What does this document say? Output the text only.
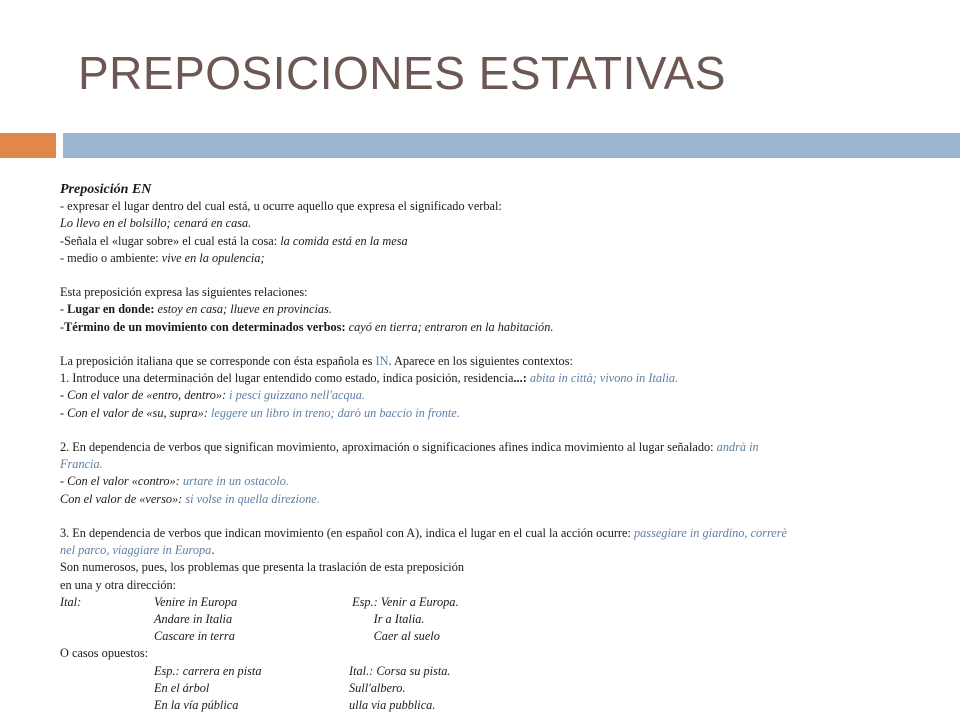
PREPOSICIONES ESTATIVAS
Preposición EN
- expresar el lugar dentro del cual está, u ocurre aquello que expresa el significado verbal:
Lo llevo en el bolsillo; cenará en casa.
-Señala el «lugar sobre» el cual está la cosa: la comida está en la mesa
- medio o ambiente: vive en la opulencia;
Esta preposición expresa las siguientes relaciones:
- Lugar en donde: estoy en casa; llueve en provincias.
-Término de un movimiento con determinados verbos: cayó en tierra; entraron en la habitación.
La preposición italiana que se corresponde con ésta española es IN. Aparece en los siguientes contextos:
1. Introduce una determinación del lugar entendido como estado, indica posición, residencia...: abita in città; vivono in Italia.
- Con el valor de «entro, dentro»: i pesci guizzano nell'acqua.
- Con el valor de «su, supra»: leggere un libro in treno; darò un baccio in fronte.
2. En dependencia de verbos que significan movimiento, aproximación o significaciones afines indica movimiento al lugar señalado: andrà in
Francia.
- Con el valor «contro»: urtare in un ostacolo.
Con el valor de «verso»: si volse in quella direzione.
3. En dependencia de verbos que indican movimiento (en español con A), indica el lugar en el cual la acción ocurre: passegiare in giardino, correrè
nel parco, viaggiare in Europa.
Son numerosos, pues, los problemas que presenta la traslación de esta preposición
en una y otra dirección:
Ital:	Venire in Europa	Esp.: Venir a Europa.
Andare in Italia	Ir a Italia.
Cascare in terra	Caer al suelo
O casos opuestos:
Esp.: carrera en pista	Ital.: Corsa su pista.
En el árbol	Sull'albero.
En la vía pública	ulla via pubblica.
